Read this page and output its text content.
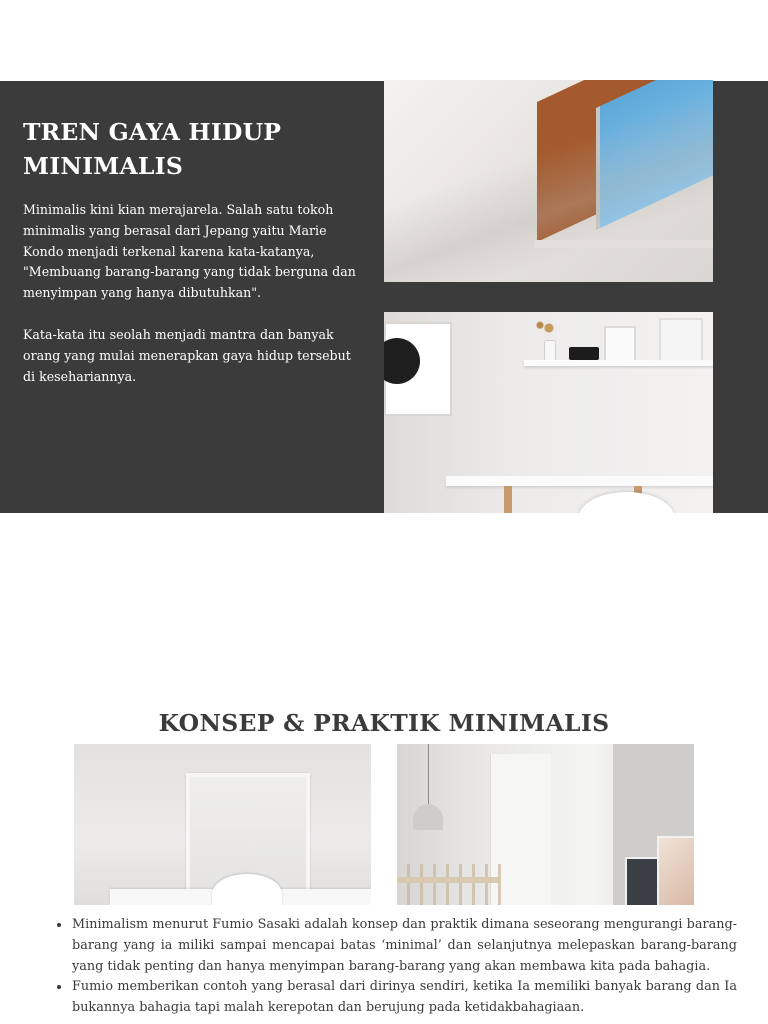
TREN GAYA HIDUP MINIMALIS

Minimalis kini kian merajarela. Salah satu tokoh minimalis yang berasal dari Jepang yaitu Marie Kondo menjadi terkenal karena kata-katanya, "Membuang barang-barang yang tidak berguna dan menyimpan yang hanya dibutuhkan".

Kata-kata itu seolah menjadi mantra dan banyak orang yang mulai menerapkan gaya hidup tersebut di kesehariannya.

KONSEP & PRAKTIK MINIMALIS
• Minimalism menurut Fumio Sasaki adalah konsep dan praktik dimana seseorang mengurangi barang-barang yang ia miliki sampai mencapai batas ‘minimal’ dan selanjutnya melepaskan barang-barang yang tidak penting dan hanya menyimpan barang-barang yang akan membawa kita pada bahagia.
• Fumio memberikan contoh yang berasal dari dirinya sendiri, ketika Ia memiliki banyak barang dan Ia bukannya bahagia tapi malah kerepotan dan berujung pada ketidakbahagiaan.
